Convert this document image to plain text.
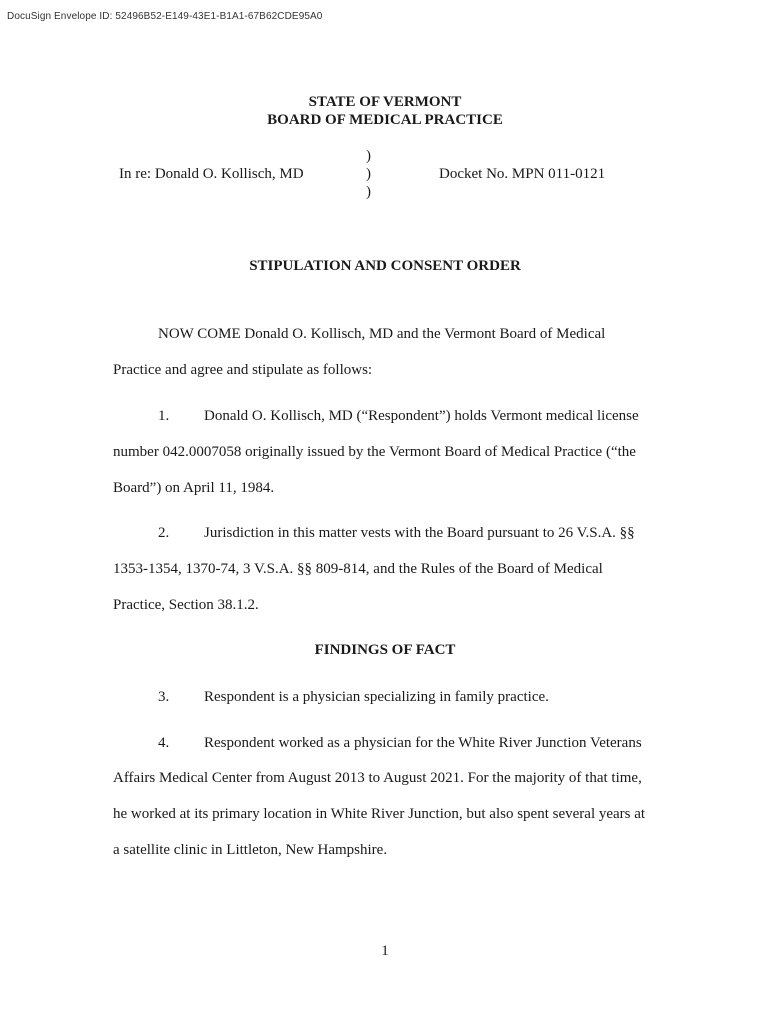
DocuSign Envelope ID: 52496B52-E149-43E1-B1A1-67B62CDE95A0
STATE OF VERMONT
BOARD OF MEDICAL PRACTICE
In re: Donald O. Kollisch, MD
)
)
)
Docket No. MPN 011-0121
STIPULATION AND CONSENT ORDER
NOW COME Donald O. Kollisch, MD and the Vermont Board of Medical
Practice and agree and stipulate as follows:
1. Donald O. Kollisch, MD (“Respondent”) holds Vermont medical license
number 042.0007058 originally issued by the Vermont Board of Medical Practice (“the
Board”) on April 11, 1984.
2. Jurisdiction in this matter vests with the Board pursuant to 26 V.S.A. §§
1353-1354, 1370-74, 3 V.S.A. §§ 809-814, and the Rules of the Board of Medical
Practice, Section 38.1.2.
FINDINGS OF FACT
3. Respondent is a physician specializing in family practice.
4. Respondent worked as a physician for the White River Junction Veterans
Affairs Medical Center from August 2013 to August 2021. For the majority of that time,
he worked at its primary location in White River Junction, but also spent several years at
a satellite clinic in Littleton, New Hampshire.
1
